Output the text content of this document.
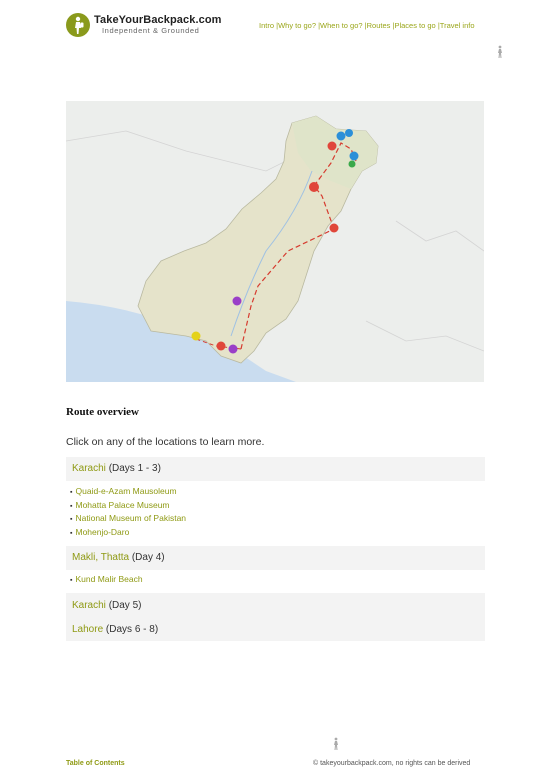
TakeYourBackpack.com
Independent & Grounded
Intro |Why to go? |When to go? |Routes |Places to go |Travel info
Route overview
Click on any of the locations to learn more.
Karachi (Days 1 - 3)
▪ Quaid-e-Azam Mausoleum
▪ Mohatta Palace Museum
▪ National Museum of Pakistan
▪ Mohenjo-Daro
Makli, Thatta (Day 4)
▪ Kund Malir Beach
Karachi (Day 5)
Lahore (Days 6 - 8)
Table of Contents	© takeyourbackpack.com, no rights can be derived
